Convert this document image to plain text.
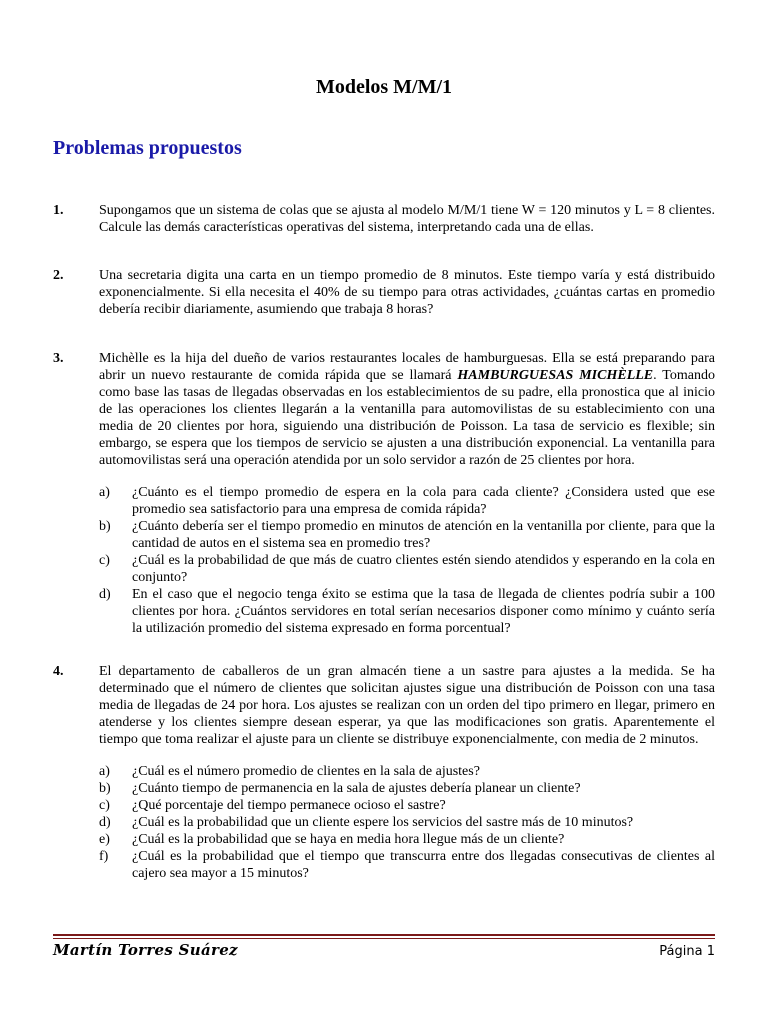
Modelos M/M/1
Problemas propuestos
1.	Supongamos que un sistema de colas que se ajusta al modelo M/M/1 tiene W = 120 minutos y L = 8 clientes. Calcule las demás características operativas del sistema, interpretando cada una de ellas.
2.	Una secretaria digita una carta en un tiempo promedio de 8 minutos. Este tiempo varía y está distribuido exponencialmente. Si ella necesita el 40% de su tiempo para otras actividades, ¿cuántas cartas en promedio debería recibir diariamente, asumiendo que trabaja 8 horas?
3.	Michèlle es la hija del dueño de varios restaurantes locales de hamburguesas. Ella se está preparando para abrir un nuevo restaurante de comida rápida que se llamará HAMBURGUESAS MICHÈLLE. Tomando como base las tasas de llegadas observadas en los establecimientos de su padre, ella pronostica que al inicio de las operaciones los clientes llegarán a la ventanilla para automovilistas de su establecimiento con una media de 20 clientes por hora, siguiendo una distribución de Poisson. La tasa de servicio es flexible; sin embargo, se espera que los tiempos de servicio se ajusten a una distribución exponencial. La ventanilla para automovilistas será una operación atendida por un solo servidor a razón de 25 clientes por hora.
a) ¿Cuánto es el tiempo promedio de espera en la cola para cada cliente? ¿Considera usted que ese promedio sea satisfactorio para una empresa de comida rápida?
b) ¿Cuánto debería ser el tiempo promedio en minutos de atención en la ventanilla por cliente, para que la cantidad de autos en el sistema sea en promedio tres?
c) ¿Cuál es la probabilidad de que más de cuatro clientes estén siendo atendidos y esperando en la cola en conjunto?
d) En el caso que el negocio tenga éxito se estima que la tasa de llegada de clientes podría subir a 100 clientes por hora. ¿Cuántos servidores en total serían necesarios disponer como mínimo y cuánto sería la utilización promedio del sistema expresado en forma porcentual?
4.	El departamento de caballeros de un gran almacén tiene a un sastre para ajustes a la medida. Se ha determinado que el número de clientes que solicitan ajustes sigue una distribución de Poisson con una tasa media de llegadas de 24 por hora. Los ajustes se realizan con un orden del tipo primero en llegar, primero en atenderse y los clientes siempre desean esperar, ya que las modificaciones son gratis. Aparentemente el tiempo que toma realizar el ajuste para un cliente se distribuye exponencialmente, con media de 2 minutos.
a) ¿Cuál es el número promedio de clientes en la sala de ajustes?
b) ¿Cuánto tiempo de permanencia en la sala de ajustes debería planear un cliente?
c) ¿Qué porcentaje del tiempo permanece ocioso el sastre?
d) ¿Cuál es la probabilidad que un cliente espere los servicios del sastre más de 10 minutos?
e) ¿Cuál es la probabilidad que se haya en media hora llegue más de un cliente?
f) ¿Cuál es la probabilidad que el tiempo que transcurra entre dos llegadas consecutivas de clientes al cajero sea mayor a 15 minutos?
Martín Torres Suárez	Página 1
